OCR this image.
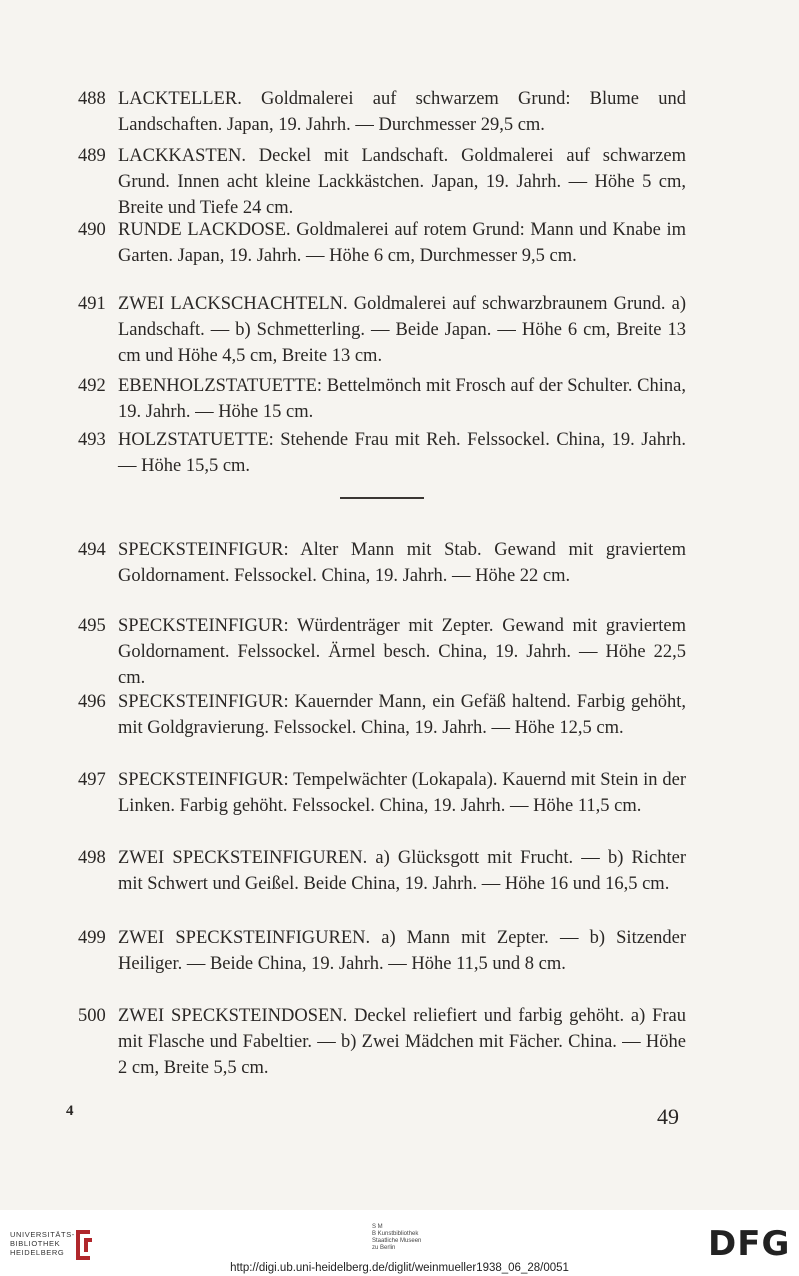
488 LACKTELLER. Goldmalerei auf schwarzem Grund: Blume und Landschaften. Japan, 19. Jahrh. — Durchmesser 29,5 cm.
489 LACKKASTEN. Deckel mit Landschaft. Goldmalerei auf schwarzem Grund. Innen acht kleine Lackkästchen. Japan, 19. Jahrh. — Höhe 5 cm, Breite und Tiefe 24 cm.
490 RUNDE LACKDOSE. Goldmalerei auf rotem Grund: Mann und Knabe im Garten. Japan, 19. Jahrh. — Höhe 6 cm, Durchmesser 9,5 cm.
491 ZWEI LACKSCHACHTELN. Goldmalerei auf schwarzbraunem Grund. a) Landschaft. — b) Schmetterling. — Beide Japan. — Höhe 6 cm, Breite 13 cm und Höhe 4,5 cm, Breite 13 cm.
492 EBENHOLZSTATUETTE: Bettelmönch mit Frosch auf der Schulter. China, 19. Jahrh. — Höhe 15 cm.
493 HOLZSTATUETTE: Stehende Frau mit Reh. Felssockel. China, 19. Jahrh. — Höhe 15,5 cm.
494 SPECKSTEINFIGUR: Alter Mann mit Stab. Gewand mit graviertem Goldornament. Felssockel. China, 19. Jahrh. — Höhe 22 cm.
495 SPECKSTEINFIGUR: Würdenträger mit Zepter. Gewand mit graviertem Goldornament. Felssockel. Ärmel besch. China, 19. Jahrh. — Höhe 22,5 cm.
496 SPECKSTEINFIGUR: Kauernder Mann, ein Gefäß haltend. Farbig gehöht, mit Goldgravierung. Felssockel. China, 19. Jahrh. — Höhe 12,5 cm.
497 SPECKSTEINFIGUR: Tempelwächter (Lokapala). Kauernd mit Stein in der Linken. Farbig gehöht. Felssockel. China, 19. Jahrh. — Höhe 11,5 cm.
498 ZWEI SPECKSTEINFIGUREN. a) Glücksgott mit Frucht. — b) Richter mit Schwert und Geißel. Beide China, 19. Jahrh. — Höhe 16 und 16,5 cm.
499 ZWEI SPECKSTEINFIGUREN. a) Mann mit Zepter. — b) Sitzender Heiliger. — Beide China, 19. Jahrh. — Höhe 11,5 und 8 cm.
500 ZWEI SPECKSTEINDOSEN. Deckel reliefiert und farbig gehöht. a) Frau mit Flasche und Fabeltier. — b) Zwei Mädchen mit Fächer. China. — Höhe 2 cm, Breite 5,5 cm.
4	49
UNIVERSITÄTS-
BIBLIOTHEK
HEIDELBERG
S M
B Kunstbibliothek
Staatliche Museen
zu Berlin	DFG
http://digi.ub.uni-heidelberg.de/diglit/weinmueller1938_06_28/0051
